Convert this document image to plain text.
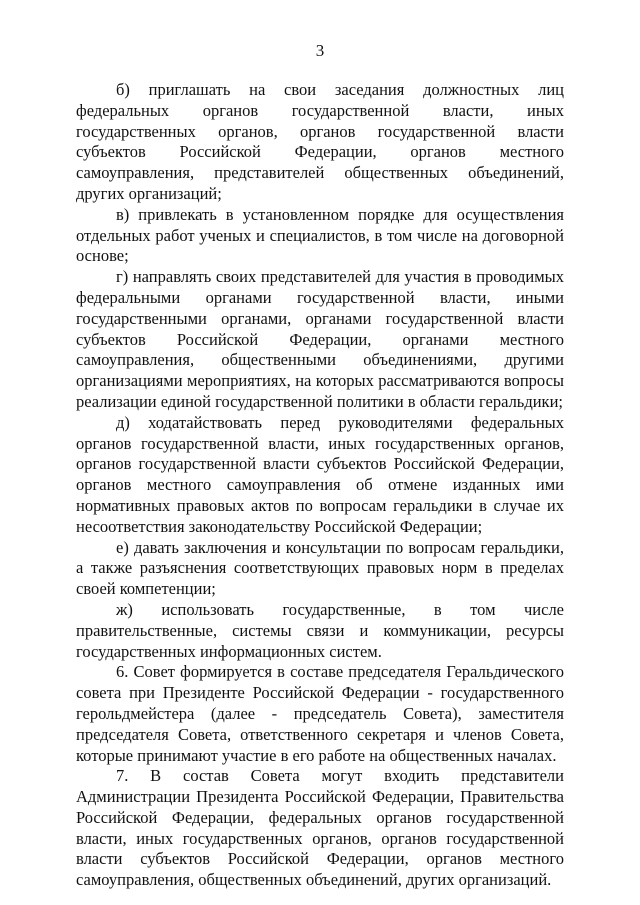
3

б) приглашать на свои заседания должностных лиц федеральных органов государственной власти, иных государственных органов, органов государственной власти субъектов Российской Федерации, органов местного самоуправления, представителей общественных объединений, других организаций;

в) привлекать в установленном порядке для осуществления отдельных работ ученых и специалистов, в том числе на договорной основе;

г) направлять своих представителей для участия в проводимых федеральными органами государственной власти, иными государственными органами, органами государственной власти субъектов Российской Федерации, органами местного самоуправления, общественными объединениями, другими организациями мероприятиях, на которых рассматриваются вопросы реализации единой государственной политики в области геральдики;

д) ходатайствовать перед руководителями федеральных органов государственной власти, иных государственных органов, органов государственной власти субъектов Российской Федерации, органов местного самоуправления об отмене изданных ими нормативных правовых актов по вопросам геральдики в случае их несоответствия законодательству Российской Федерации;

е) давать заключения и консультации по вопросам геральдики, а также разъяснения соответствующих правовых норм в пределах своей компетенции;

ж) использовать государственные, в том числе правительственные, системы связи и коммуникации, ресурсы государственных информационных систем.

6. Совет формируется в составе председателя Геральдического совета при Президенте Российской Федерации - государственного герольдмейстера (далее - председатель Совета), заместителя председателя Совета, ответственного секретаря и членов Совета, которые принимают участие в его работе на общественных началах.

7. В состав Совета могут входить представители Администрации Президента Российской Федерации, Правительства Российской Федерации, федеральных органов государственной власти, иных государственных органов, органов государственной власти субъектов Российской Федерации, органов местного самоуправления, общественных объединений, других организаций.
